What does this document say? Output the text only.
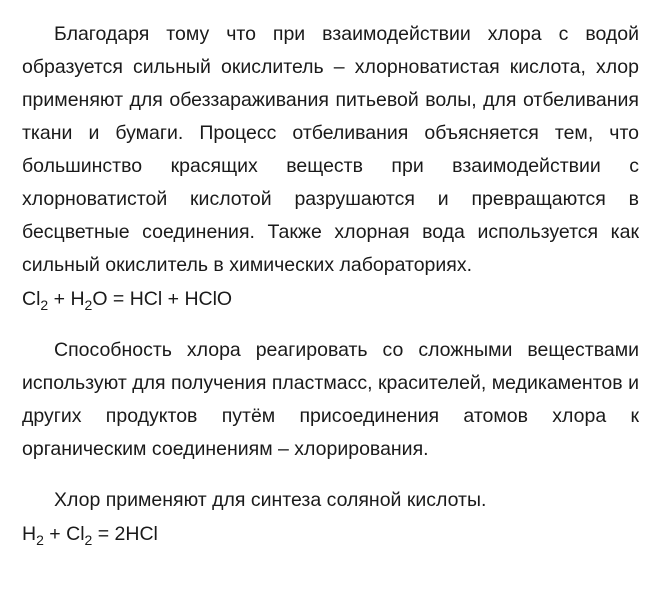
Благодаря тому что при взаимодействии хлора с водой образуется сильный окислитель – хлорноватистая кислота, хлор применяют для обеззараживания питьевой волы, для отбеливания ткани и бумаги. Процесс отбеливания объясняется тем, что большинство красящих веществ при взаимодействии с хлорноватистой кислотой разрушаются и превращаются в бесцветные соединения. Также хлорная вода используется как сильный окислитель в химических лабораториях.

$Cl_2 + H_2O$ = HCl + HClO

Способность хлора реагировать со сложными веществами используют для получения пластмасс, красителей, медикаментов и других продуктов путём присоединения атомов хлора к органическим соединениям – хлорирования.

Хлор применяют для синтеза соляной кислоты.

$H_2 + Cl_2 = 2HCl$
